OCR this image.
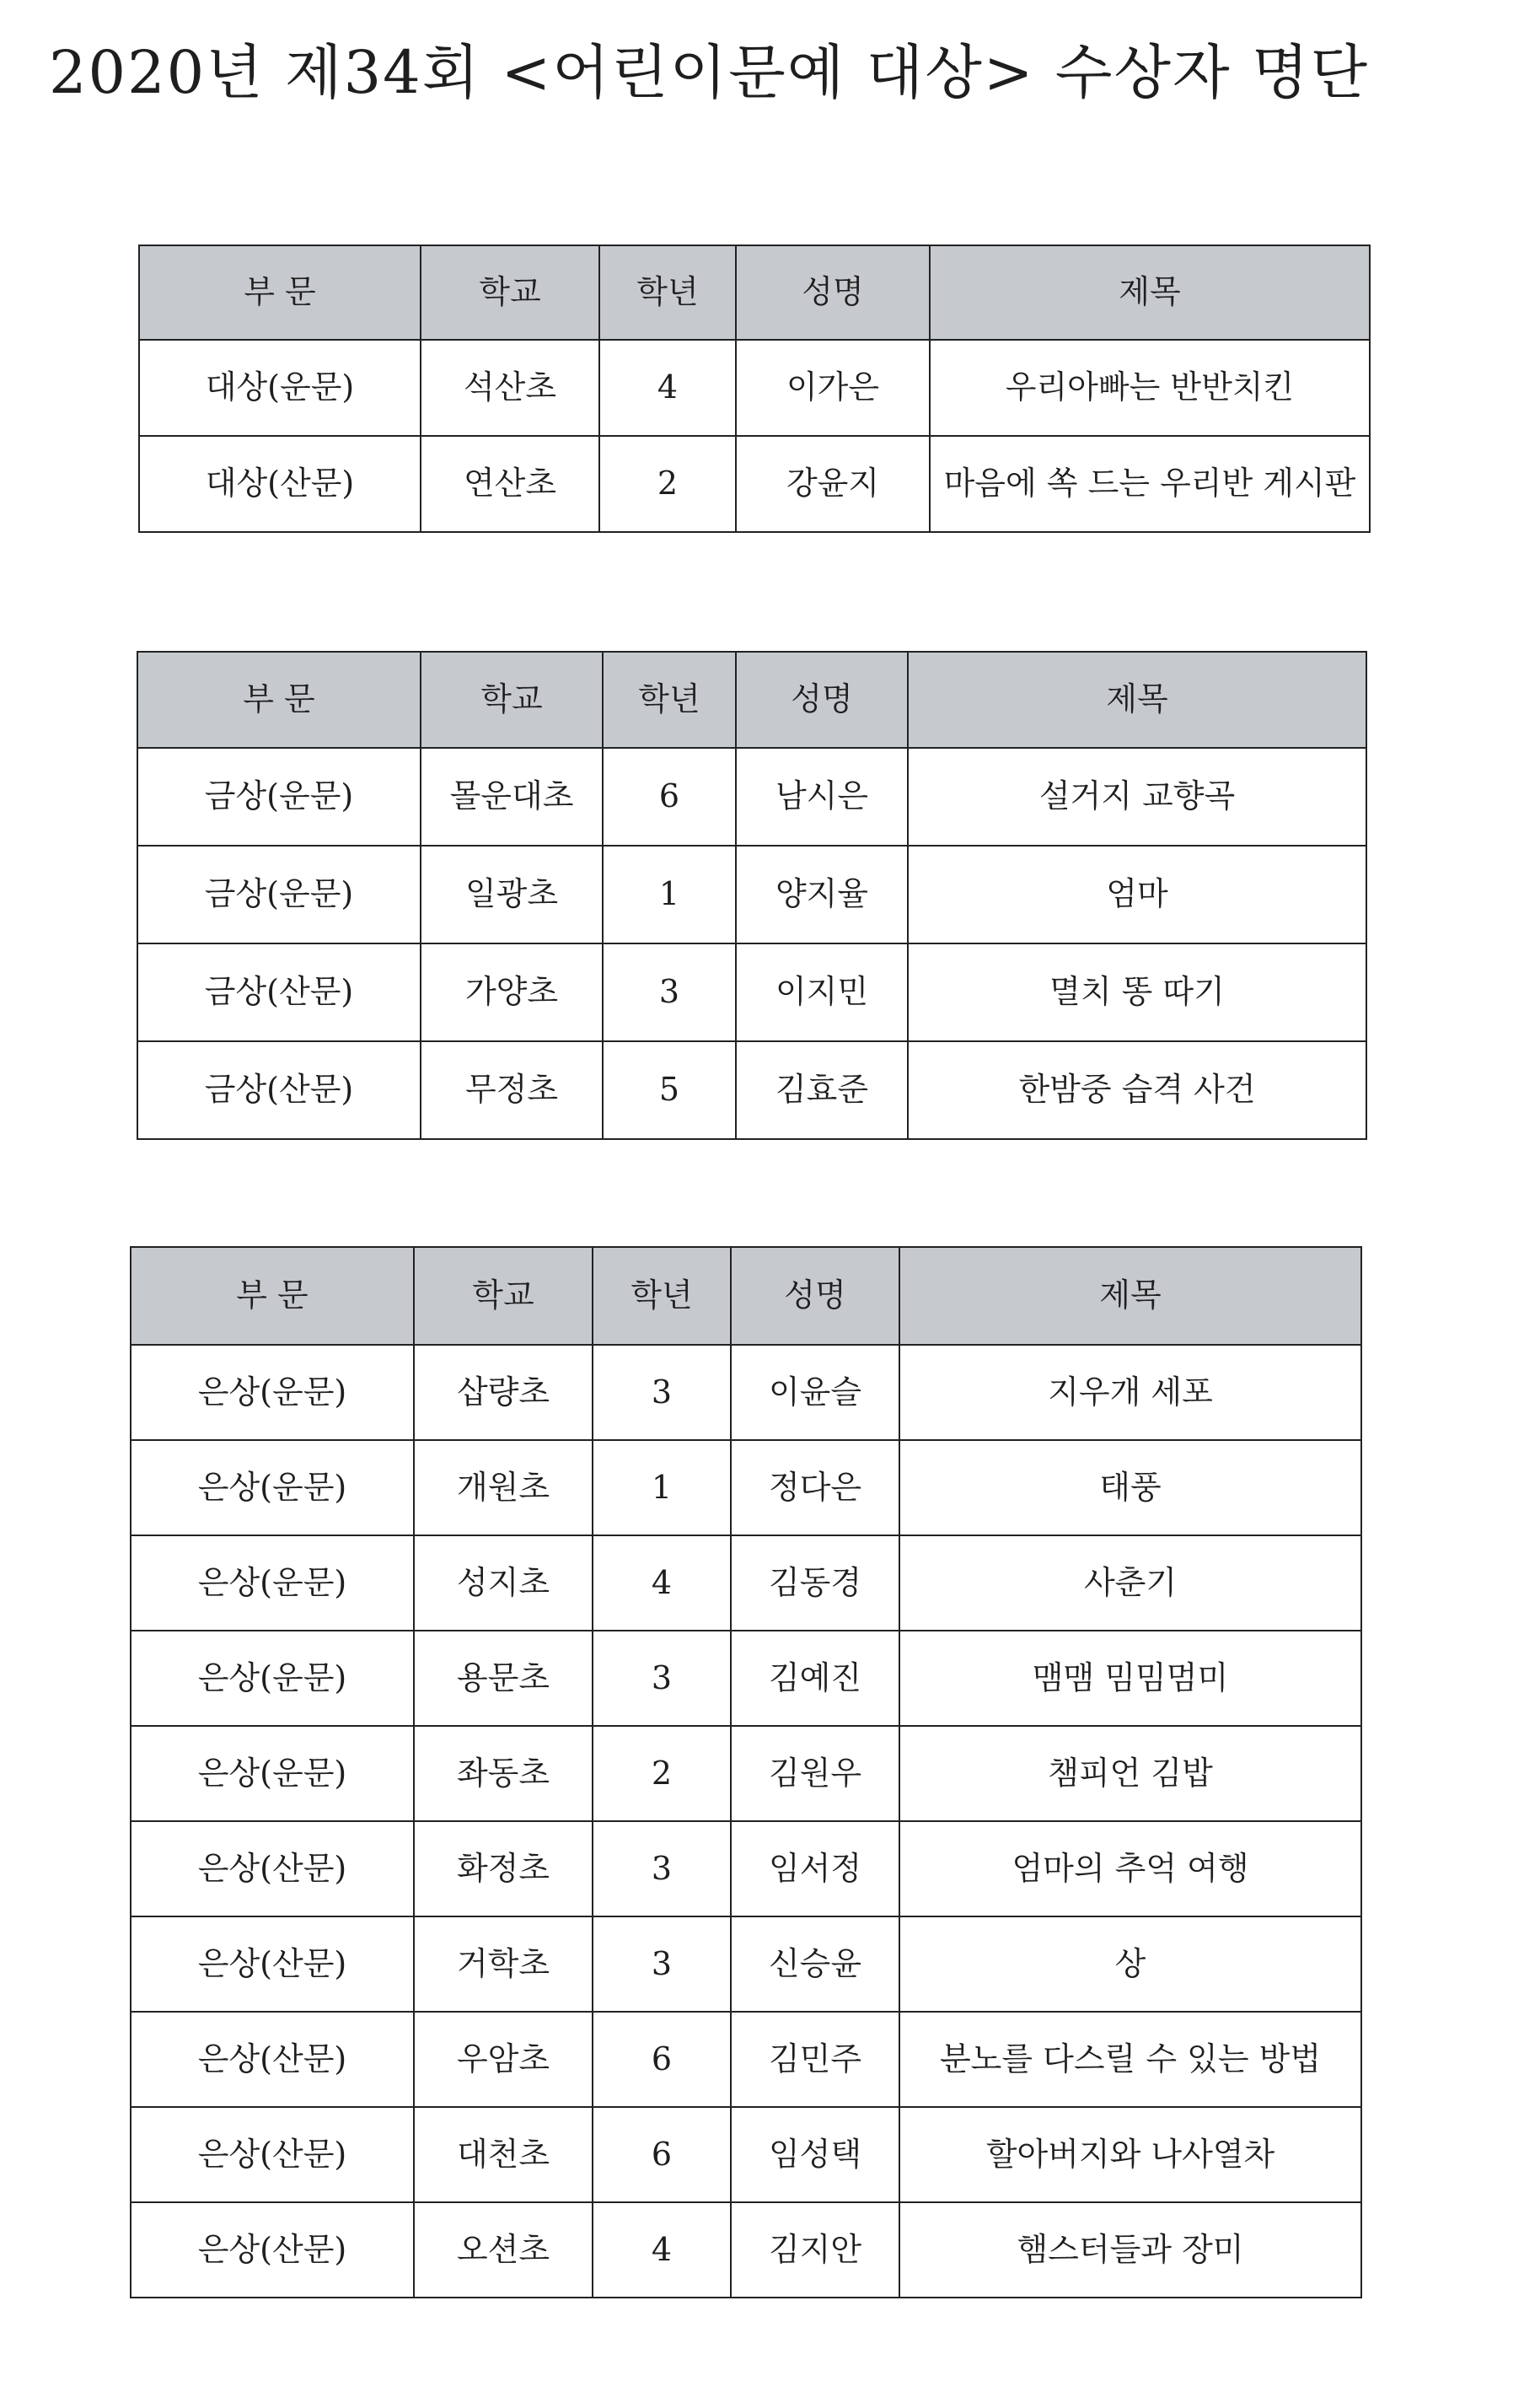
2020년 제34회 <어린이문예 대상> 수상자 명단
부 문	학교	학년	성명	제목
대상(운문)	석산초	4	이가은	우리아빠는 반반치킨
대상(산문)	연산초	2	강윤지	마음에 쏙 드는 우리반 게시판
부 문	학교	학년	성명	제목
금상(운문)	몰운대초	6	남시은	설거지 교향곡
금상(운문)	일광초	1	양지율	엄마
금상(산문)	가양초	3	이지민	멸치 똥 따기
금상(산문)	무정초	5	김효준	한밤중 습격 사건
부 문	학교	학년	성명	제목
은상(운문)	삽량초	3	이윤슬	지우개 세포
은상(운문)	개원초	1	정다은	태풍
은상(운문)	성지초	4	김동경	사춘기
은상(운문)	용문초	3	김예진	맴맴 밈밈멈미
은상(운문)	좌동초	2	김원우	챔피언 김밥
은상(산문)	화정초	3	임서정	엄마의 추억 여행
은상(산문)	거학초	3	신승윤	상
은상(산문)	우암초	6	김민주	분노를 다스릴 수 있는 방법
은상(산문)	대천초	6	임성택	할아버지와 나사열차
은상(산문)	오션초	4	김지안	햄스터들과 장미
